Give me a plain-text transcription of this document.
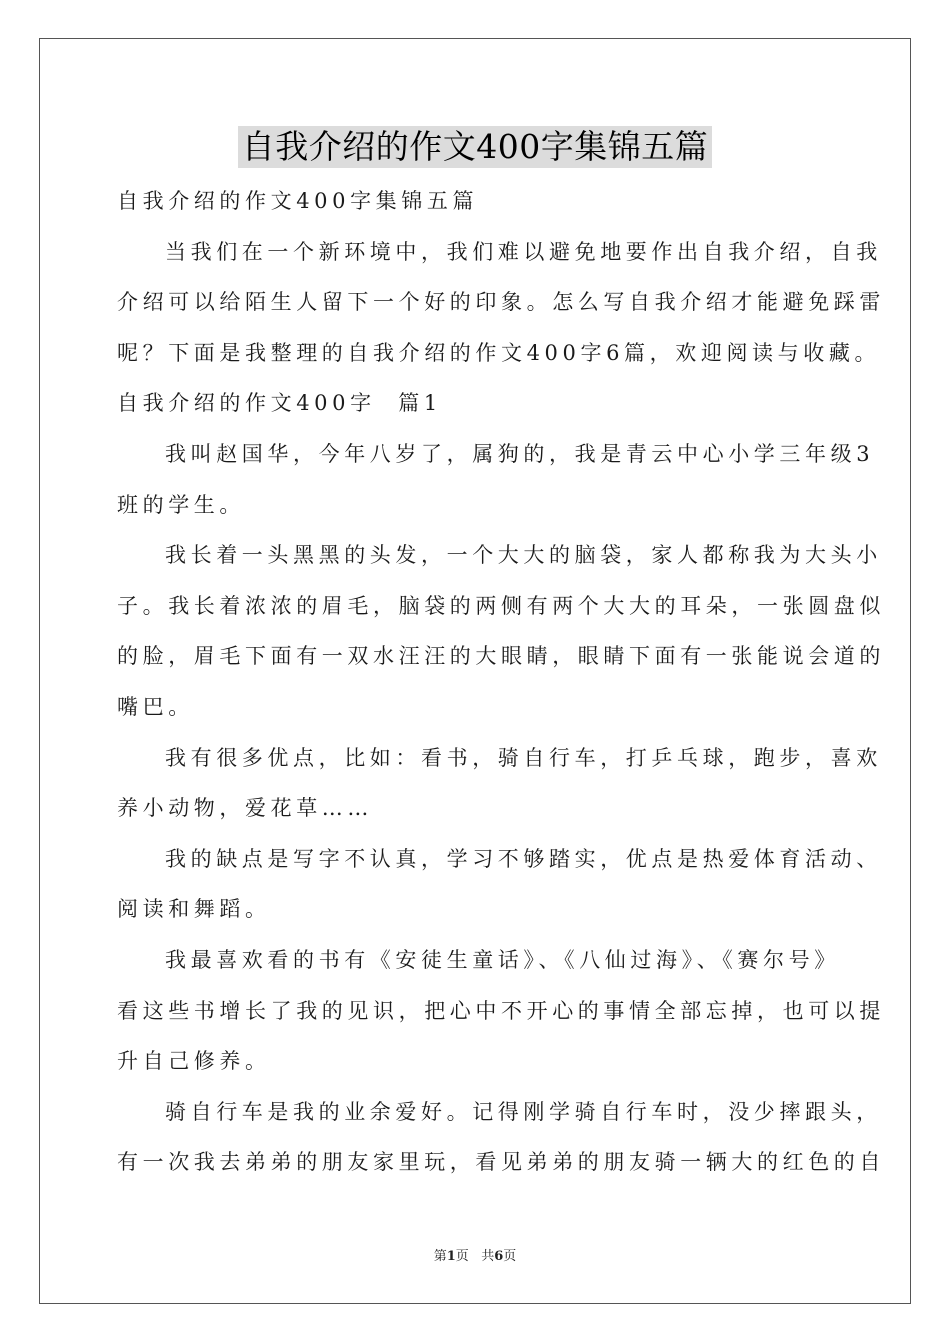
自我介绍的作文400字集锦五篇

自我介绍的作文400字集锦五篇

当我们在一个新环境中，我们难以避免地要作出自我介绍，自我

介绍可以给陌生人留下一个好的印象。怎么写自我介绍才能避免踩雷

呢？下面是我整理的自我介绍的作文400字6篇，欢迎阅读与收藏。

自我介绍的作文400字  篇1

我叫赵国华，今年八岁了，属狗的，我是青云中心小学三年级3

班的学生。

我长着一头黑黑的头发，一个大大的脑袋，家人都称我为大头小

子。我长着浓浓的眉毛，脑袋的两侧有两个大大的耳朵，一张圆盘似

的脸，眉毛下面有一双水汪汪的大眼睛，眼睛下面有一张能说会道的

嘴巴。

我有很多优点，比如：看书，骑自行车，打乒乓球，跑步，喜欢

养小动物，爱花草……

我的缺点是写字不认真，学习不够踏实，优点是热爱体育活动、

阅读和舞蹈。

我最喜欢看的书有《安徒生童话》、《八仙过海》、《赛尔号》

看这些书增长了我的见识，把心中不开心的事情全部忘掉，也可以提

升自己修养。

骑自行车是我的业余爱好。记得刚学骑自行车时，没少摔跟头，

有一次我去弟弟的朋友家里玩，看见弟弟的朋友骑一辆大的红色的自

第1页 共6页
